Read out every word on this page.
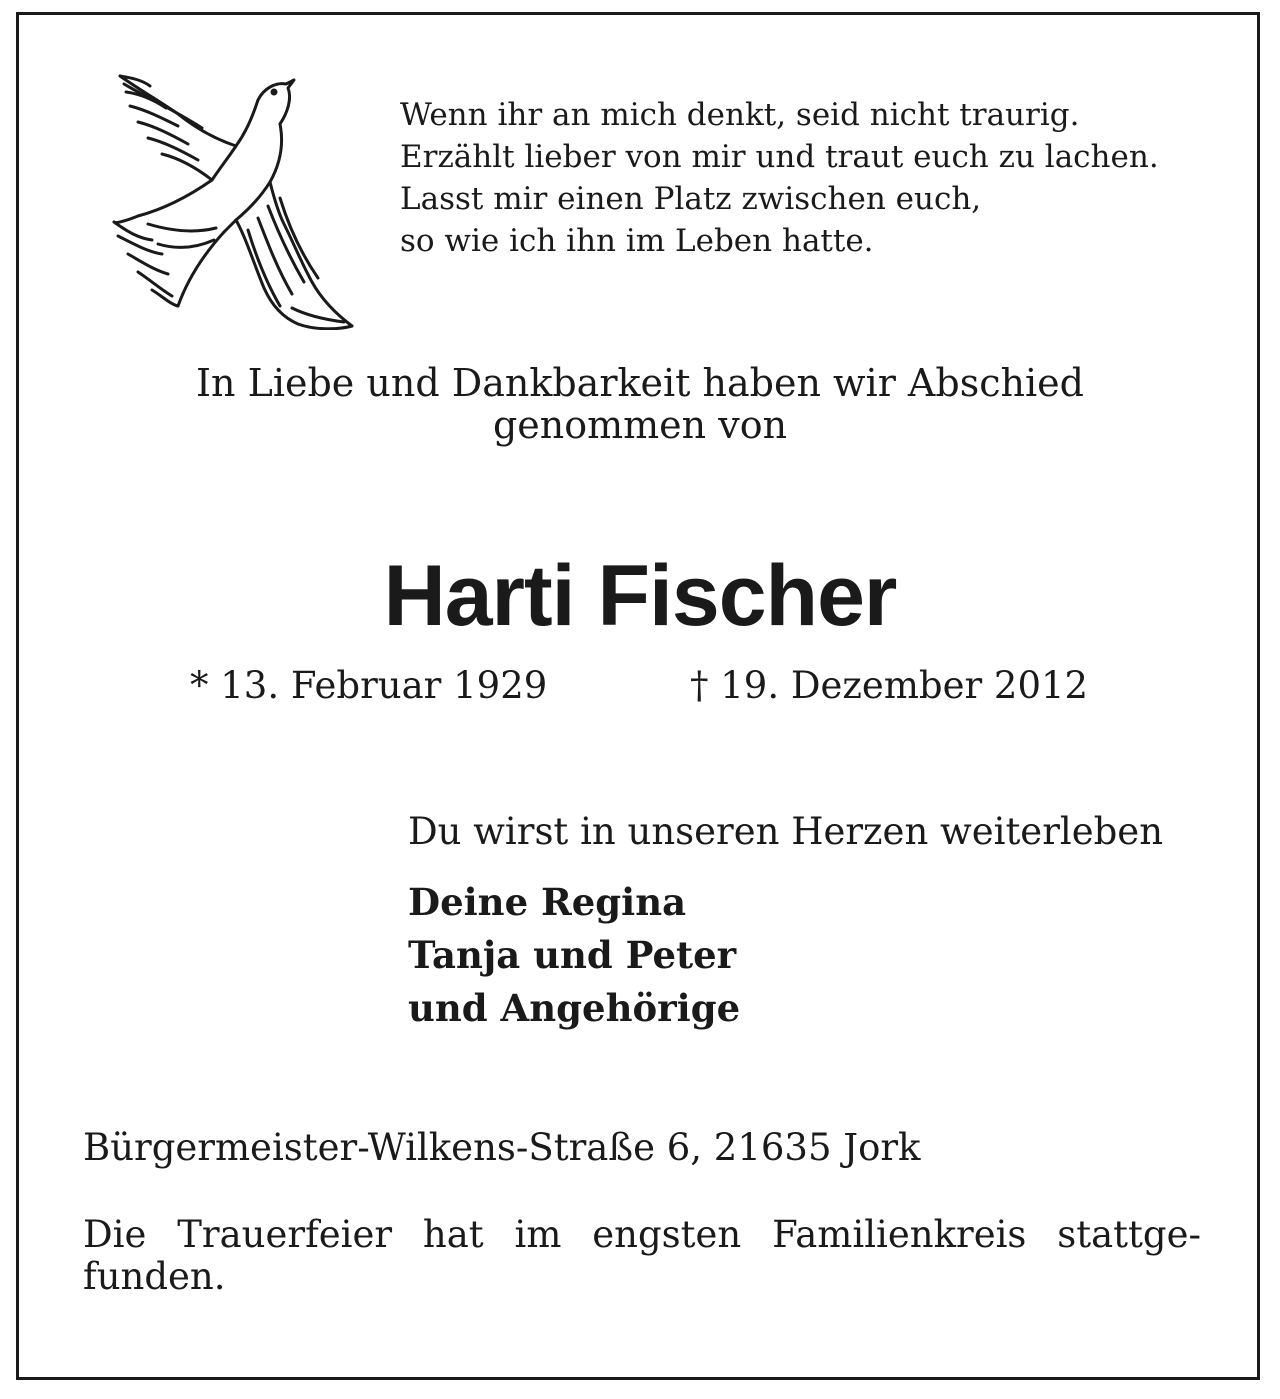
Wenn ihr an mich denkt, seid nicht traurig.
Erzählt lieber von mir und traut euch zu lachen.
Lasst mir einen Platz zwischen euch,
so wie ich ihn im Leben hatte.
In Liebe und Dankbarkeit haben wir Abschied
genommen von
Harti Fischer
* 13. Februar 1929	† 19. Dezember 2012
Du wirst in unseren Herzen weiterleben
Deine Regina
Tanja und Peter
und Angehörige
Bürgermeister-Wilkens-Straße 6, 21635 Jork
Die Trauerfeier hat im engsten Familienkreis stattge-
funden.
